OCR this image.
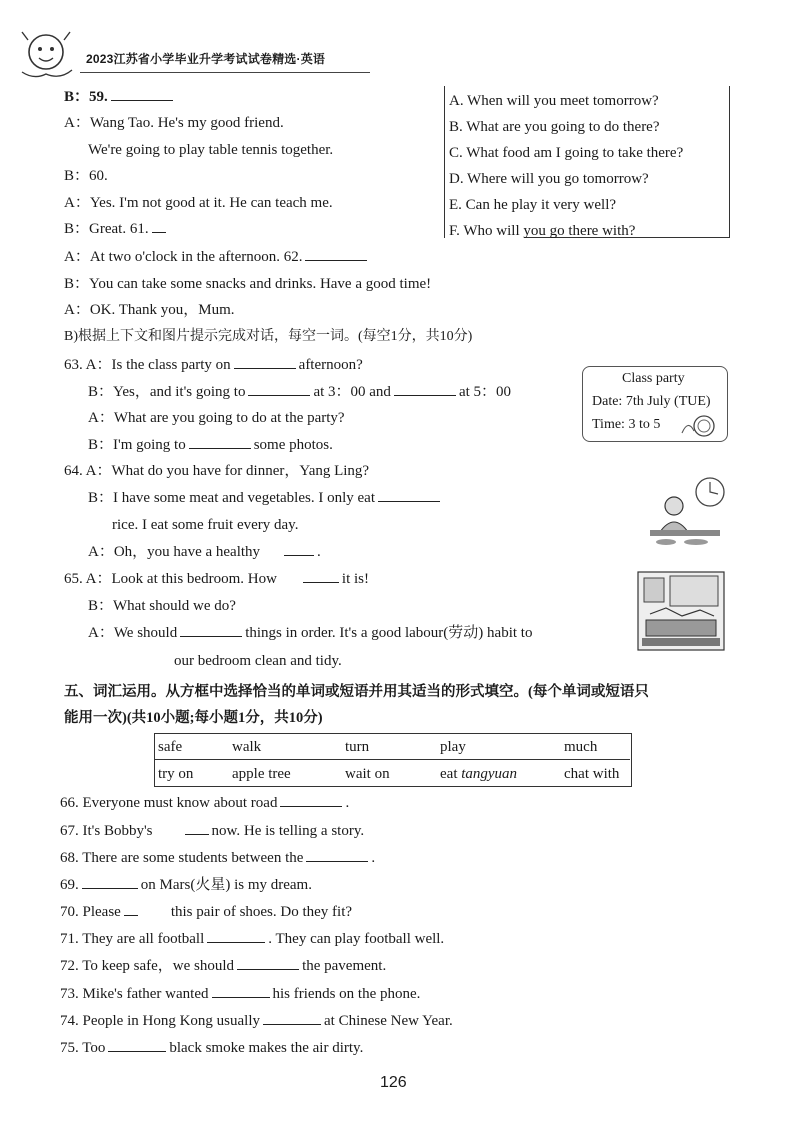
2023江苏省小学毕业升学考试试卷精选·英语
B：59.
A：Wang Tao. He's my good friend.
We're going to play table tennis together.
B：60.
A：Yes. I'm not good at it. He can teach me.
B：Great. 61.
A：At two o'clock in the afternoon. 62.
B：You can take some snacks and drinks. Have a good time!
A：OK. Thank you，Mum.
A. When will you meet tomorrow?
B. What are you going to do there?
C. What food am I going to take there?
D. Where will you go tomorrow?
E. Can he play it very well?
F. Who will you go there with?
B)根据上下文和图片提示完成对话，每空一词。(每空1分，共10分)
Class party
Date: 7th July (TUE)
Time: 3 to 5
63. A：Is the class party on	afternoon?
B：Yes，and it's going to	at 3：00 and	at 5：00
A：What are you going to do at the party?
B：I'm going to	some photos.
64. A：What do you have for dinner，Yang Ling?
B：I have some meat and vegetables. I only eat
rice. I eat some fruit every day.
A：Oh，you have a healthy	.
65. A：Look at this bedroom. How	it is!
B：What should we do?
A：We should	things in order. It's a good labour(劳动) habit to
our bedroom clean and tidy.
五、词汇运用。从方框中选择恰当的单词或短语并用其适当的形式填空。(每个单词或短语只
能用一次)(共10小题;每小题1分，共10分)
safe	walk	turn	play	much
try on	apple tree	wait on	eat tangyuan	chat with
66. Everyone must know about road	.
67. It's Bobby's	now. He is telling a story.
68. There are some students between the	.
69.	on Mars(火星) is my dream.
70. Please	this pair of shoes. Do they fit?
71. They are all football	. They can play football well.
72. To keep safe，we should	the pavement.
73. Mike's father wanted	his friends on the phone.
74. People in Hong Kong usually	at Chinese New Year.
75. Too	black smoke makes the air dirty.
126
